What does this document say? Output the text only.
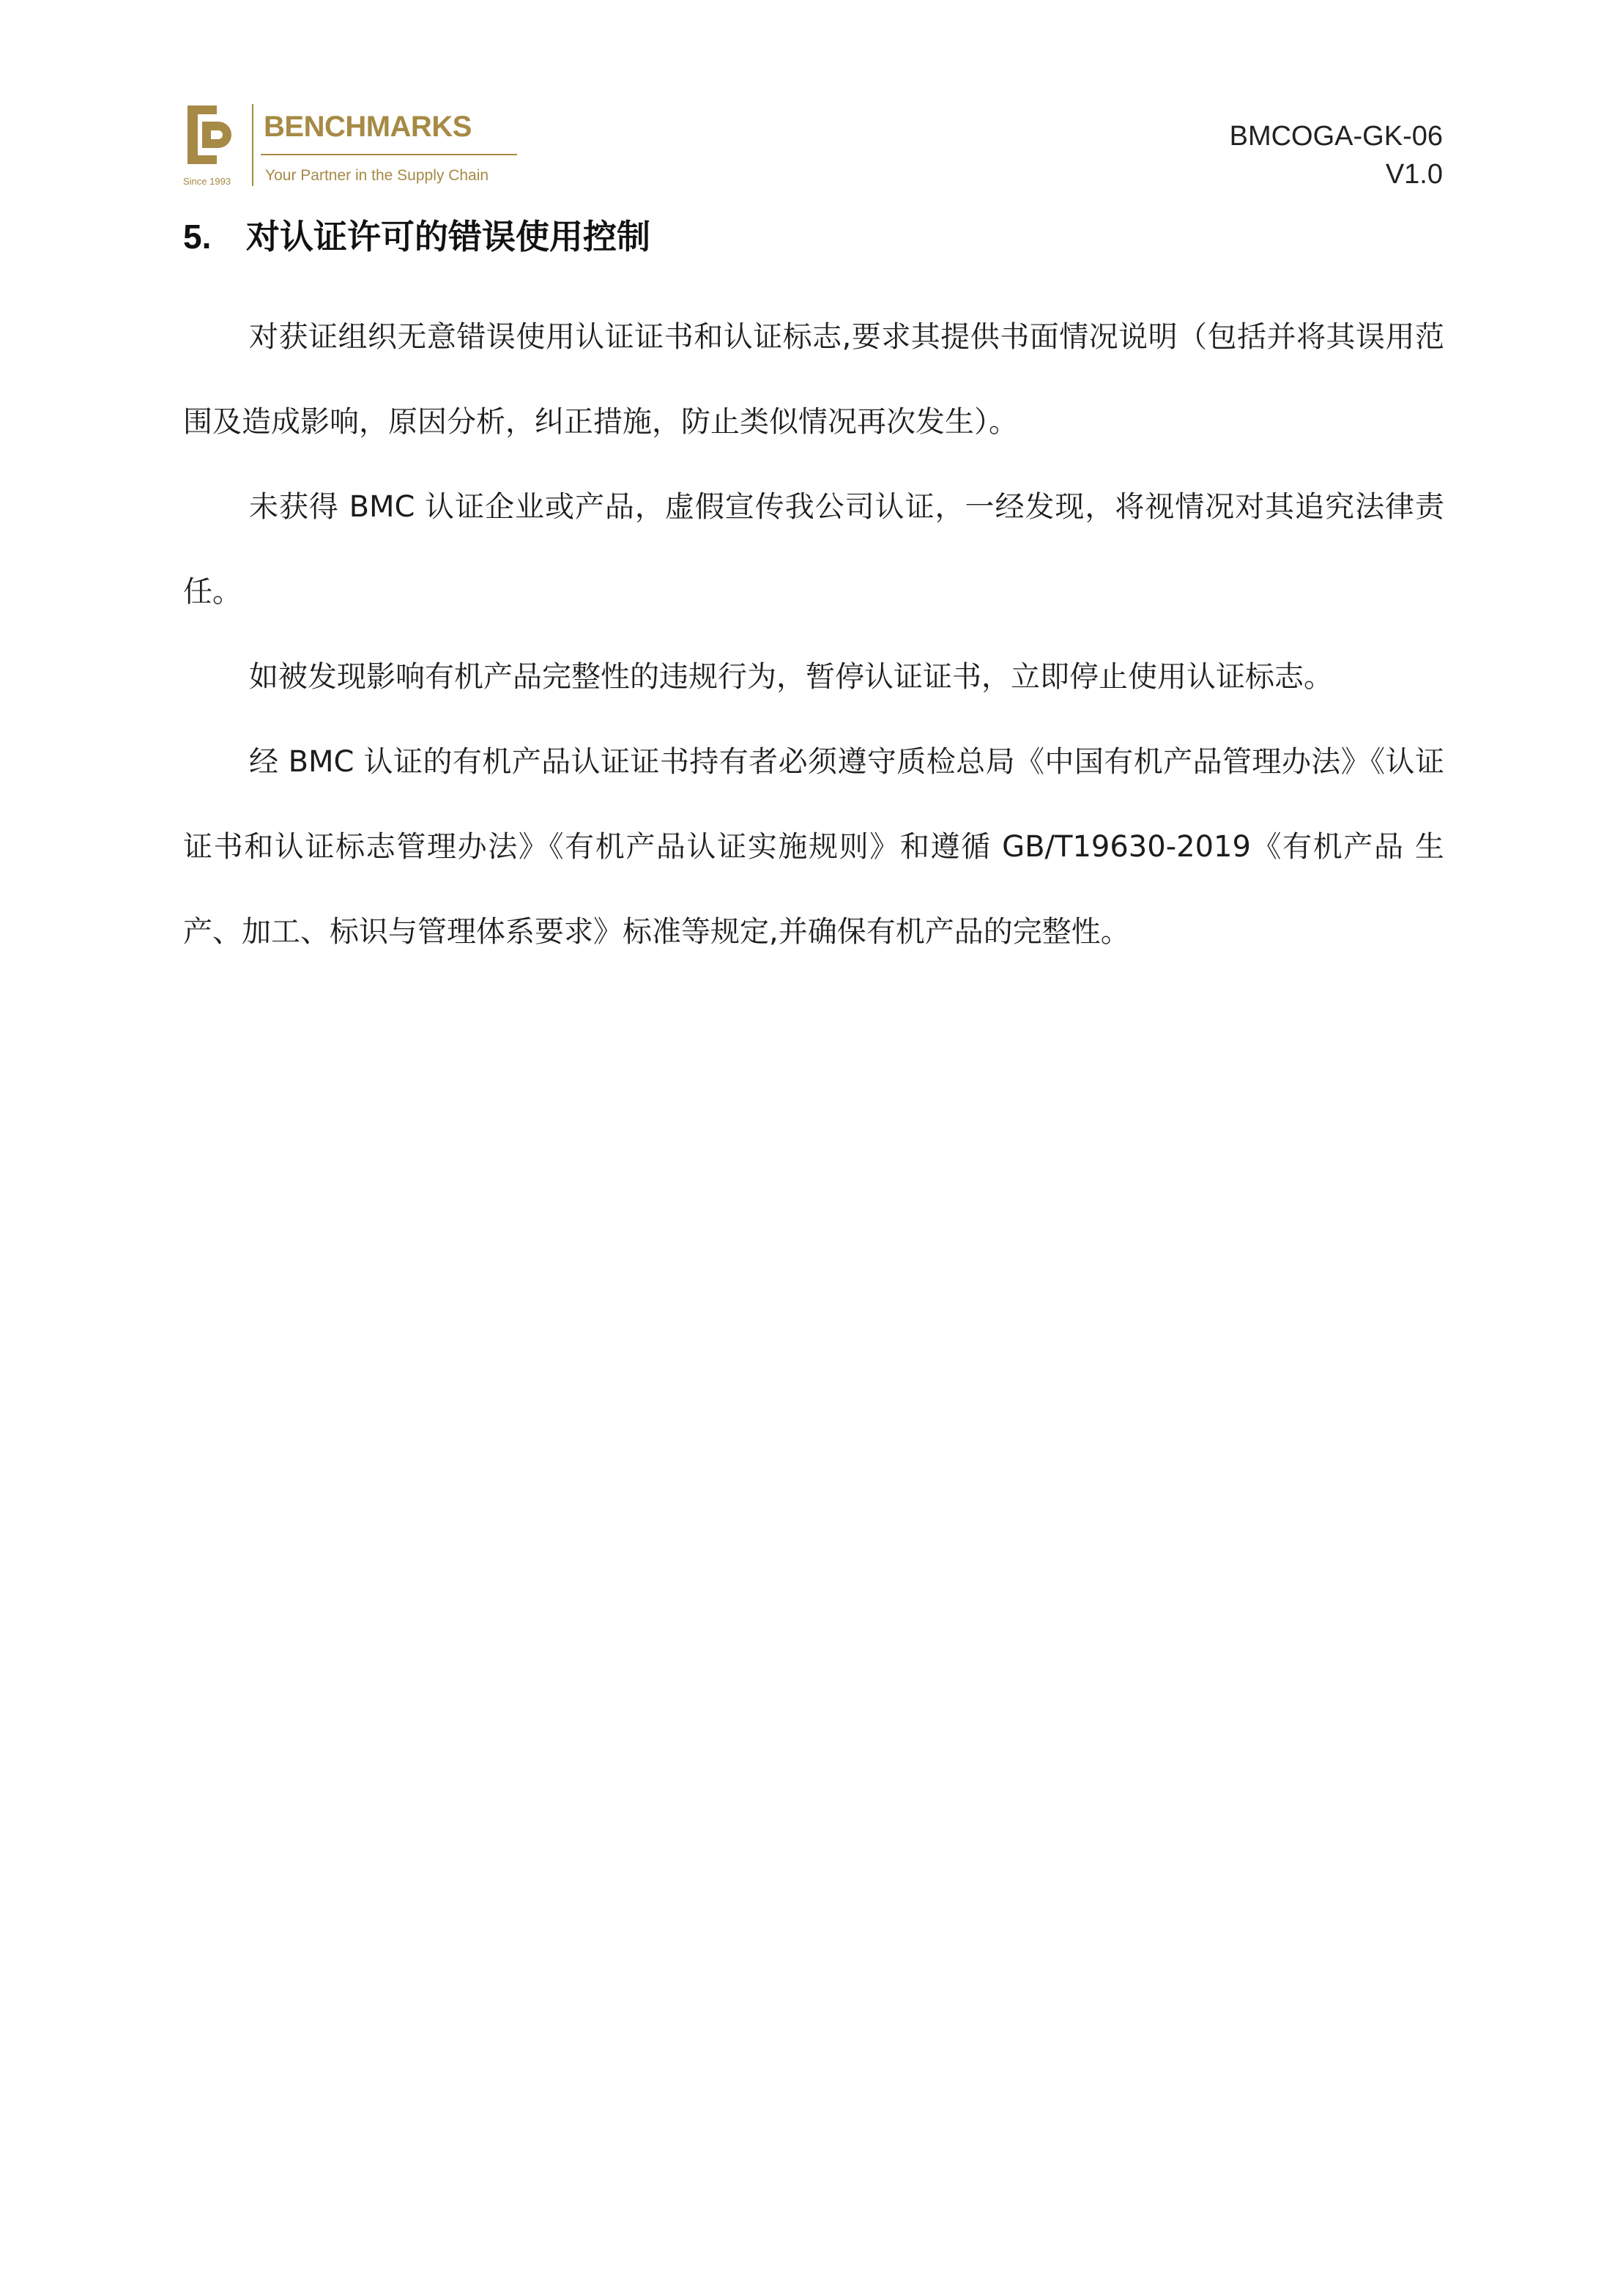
BENCHMARKS
Your Partner in the Supply Chain
Since 1993
BMCOGA-GK-06
V1.0
5. 对认证许可的错误使用控制

对获证组织无意错误使用认证证书和认证标志,要求其提供书面情况说明（包括并将其误用范围及造成影响，原因分析，纠正措施，防止类似情况再次发生）。

未获得 BMC 认证企业或产品，虚假宣传我公司认证，一经发现，将视情况对其追究法律责任。

如被发现影响有机产品完整性的违规行为，暂停认证证书，立即停止使用认证标志。

经 BMC 认证的有机产品认证证书持有者必须遵守质检总局《中国有机产品管理办法》《认证证书和认证标志管理办法》《有机产品认证实施规则》和遵循 GB/T19630-2019《有机产品 生产、加工、标识与管理体系要求》标准等规定,并确保有机产品的完整性。
